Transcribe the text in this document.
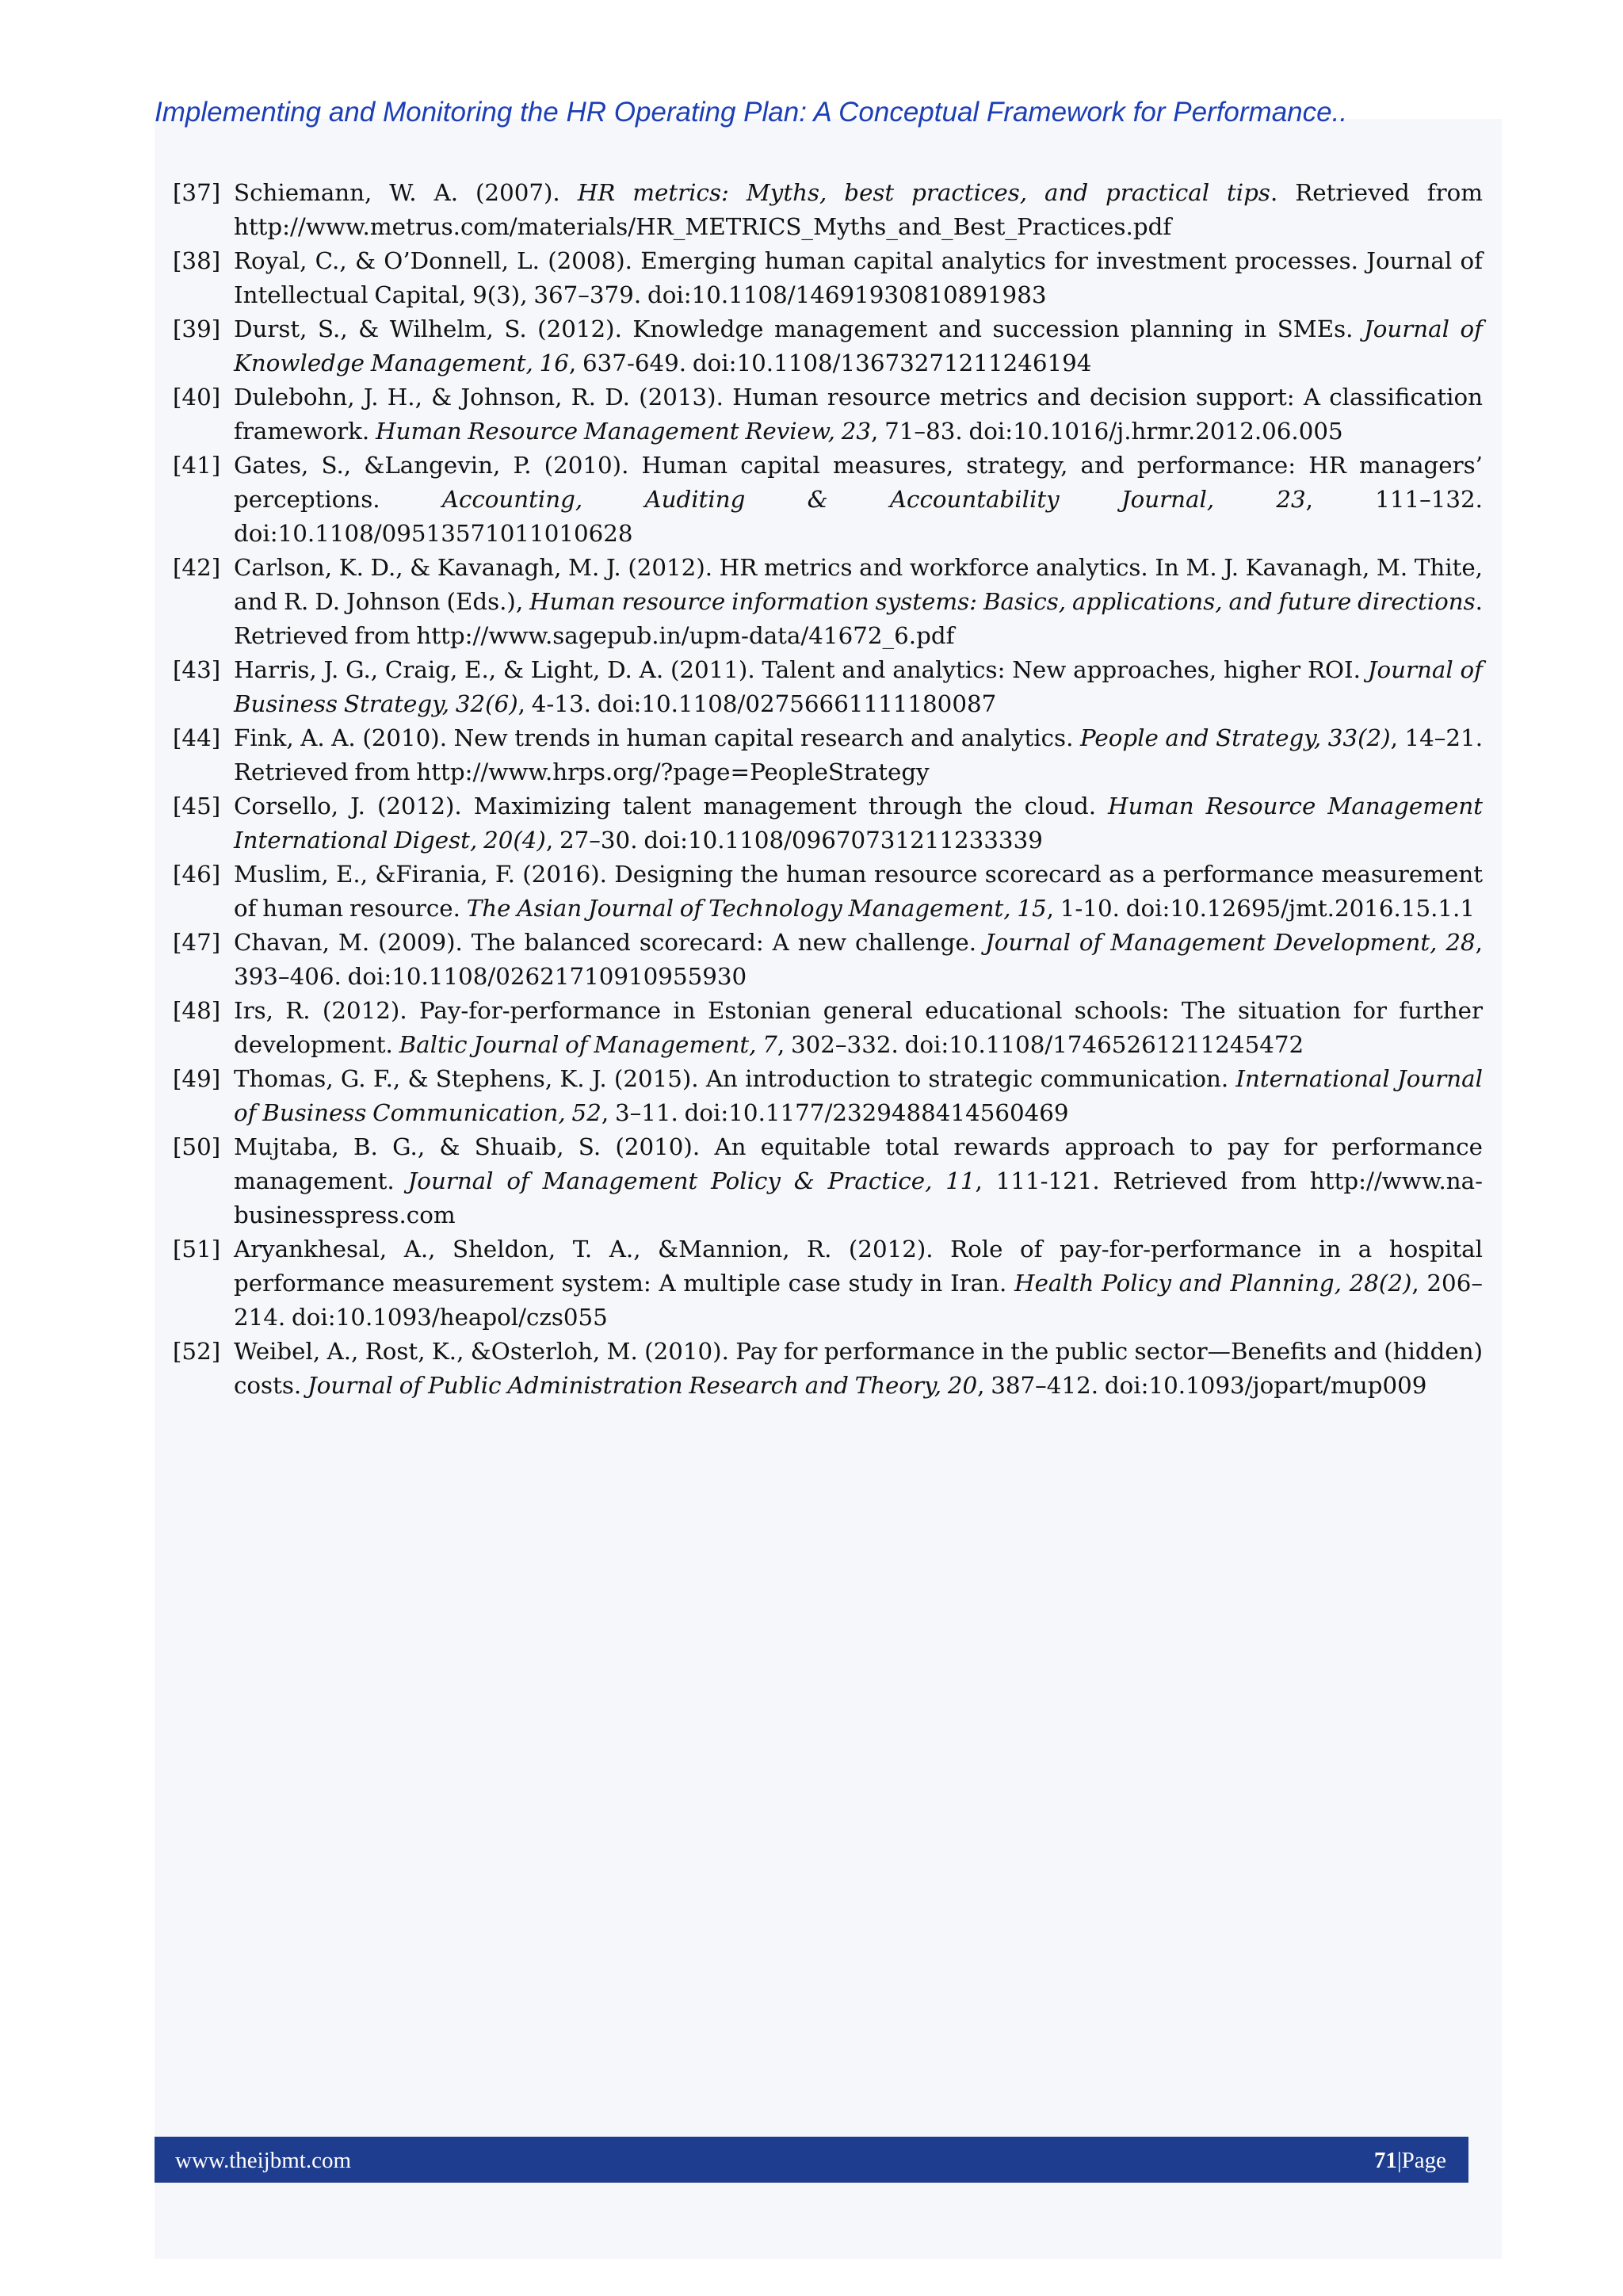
Implementing and Monitoring the HR Operating Plan: A Conceptual Framework for Performance..
[37] Schiemann, W. A. (2007). HR metrics: Myths, best practices, and practical tips. Retrieved from http://www.metrus.com/materials/HR_METRICS_Myths_and_Best_Practices.pdf
[38] Royal, C., & O’Donnell, L. (2008). Emerging human capital analytics for investment processes. Journal of Intellectual Capital, 9(3), 367–379. doi:10.1108/14691930810891983
[39] Durst, S., & Wilhelm, S. (2012). Knowledge management and succession planning in SMEs. Journal of Knowledge Management, 16, 637-649. doi:10.1108/13673271211246194
[40] Dulebohn, J. H., & Johnson, R. D. (2013). Human resource metrics and decision support: A classification framework. Human Resource Management Review, 23, 71–83. doi:10.1016/j.hrmr.2012.06.005
[41] Gates, S., &Langevin, P. (2010). Human capital measures, strategy, and performance: HR managers’ perceptions. Accounting, Auditing & Accountability Journal, 23, 111–132. doi:10.1108/09513571011010628
[42] Carlson, K. D., & Kavanagh, M. J. (2012). HR metrics and workforce analytics. In M. J. Kavanagh, M. Thite, and R. D. Johnson (Eds.), Human resource information systems: Basics, applications, and future directions. Retrieved from http://www.sagepub.in/upm-data/41672_6.pdf
[43] Harris, J. G., Craig, E., & Light, D. A. (2011). Talent and analytics: New approaches, higher ROI. Journal of Business Strategy, 32(6), 4-13. doi:10.1108/02756661111180087
[44] Fink, A. A. (2010). New trends in human capital research and analytics. People and Strategy, 33(2), 14–21. Retrieved from http://www.hrps.org/?page=PeopleStrategy
[45] Corsello, J. (2012). Maximizing talent management through the cloud. Human Resource Management International Digest, 20(4), 27–30. doi:10.1108/09670731211233339
[46] Muslim, E., &Firania, F. (2016). Designing the human resource scorecard as a performance measurement of human resource. The Asian Journal of Technology Management, 15, 1-10. doi:10.12695/jmt.2016.15.1.1
[47] Chavan, M. (2009). The balanced scorecard: A new challenge. Journal of Management Development, 28, 393–406. doi:10.1108/02621710910955930
[48] Irs, R. (2012). Pay-for-performance in Estonian general educational schools: The situation for further development. Baltic Journal of Management, 7, 302–332. doi:10.1108/17465261211245472
[49] Thomas, G. F., & Stephens, K. J. (2015). An introduction to strategic communication. International Journal of Business Communication, 52, 3–11. doi:10.1177/2329488414560469
[50] Mujtaba, B. G., & Shuaib, S. (2010). An equitable total rewards approach to pay for performance management. Journal of Management Policy & Practice, 11, 111-121. Retrieved from http://www.na-businesspress.com
[51] Aryankhesal, A., Sheldon, T. A., &Mannion, R. (2012). Role of pay-for-performance in a hospital performance measurement system: A multiple case study in Iran. Health Policy and Planning, 28(2), 206–214. doi:10.1093/heapol/czs055
[52] Weibel, A., Rost, K., &Osterloh, M. (2010). Pay for performance in the public sector—Benefits and (hidden) costs. Journal of Public Administration Research and Theory, 20, 387–412. doi:10.1093/jopart/mup009
www.theijbmt.com	71|Page
